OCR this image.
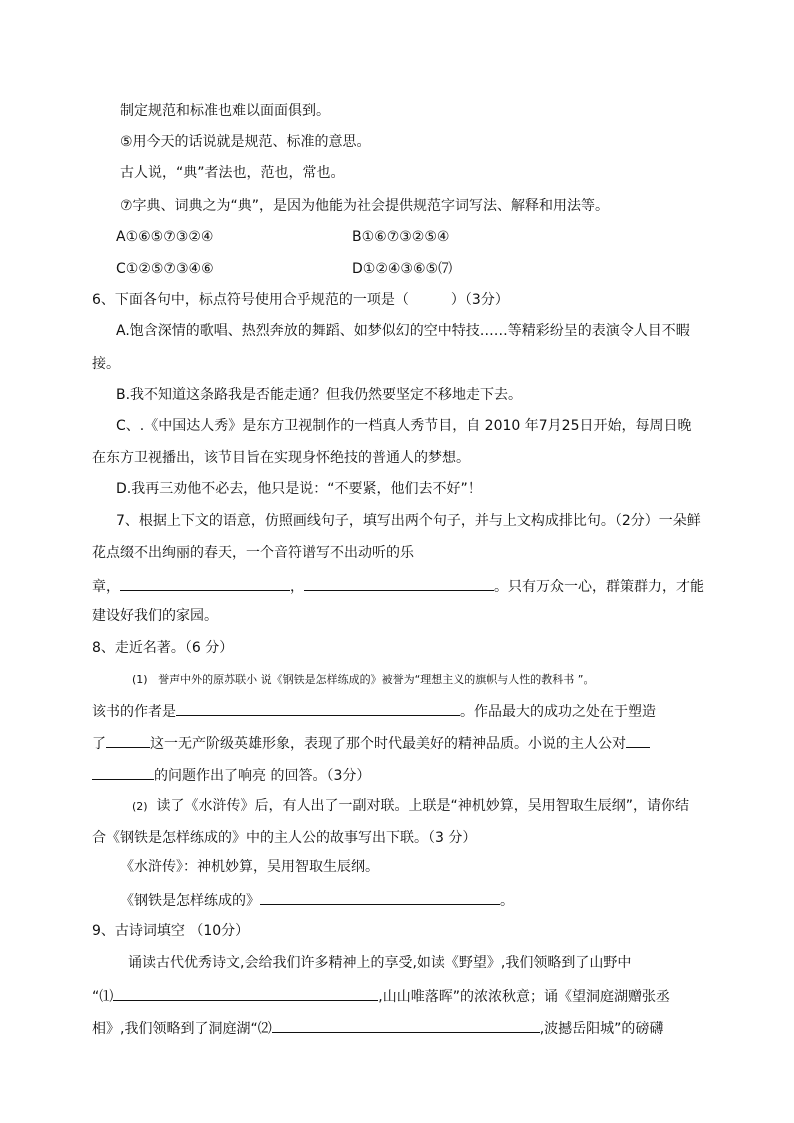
制定规范和标准也难以面面俱到。
⑤用今天的话说就是规范、标准的意思。
古人说，“典”者法也，范也，常也。
⑦字典、词典之为“典”，是因为他能为社会提供规范字词写法、解释和用法等。
A①⑥⑤⑦③②④	B①⑥⑦③②⑤④
C①②⑤⑦③④⑥	D①②④③⑥⑤⑺
6、下面各句中，标点符号使用合乎规范的一项是（　　　）（3分）
A.饱含深情的歌唱、热烈奔放的舞蹈、如梦似幻的空中特技……等精彩纷呈的表演令人目不暇
接。
B.我不知道这条路我是否能走通？但我仍然要坚定不移地走下去。
C、.《中国达人秀》是东方卫视制作的一档真人秀节目，自 2010 年7月25日开始，每周日晚
在东方卫视播出，该节目旨在实现身怀绝技的普通人的梦想。
D.我再三劝他不必去，他只是说：“不要紧，他们去不好”！
7、根据上下文的语意，仿照画线句子，填写出两个句子，并与上文构成排比句。（2分）一朵鲜
花点缀不出绚丽的春天，一个音符谱写不出动听的乐
章，	，	。只有万众一心，群策群力，才能
建设好我们的家园。
8、走近名著。（6 分）
(1) 誉声中外的原苏联小 说《钢铁是怎样练成的》被誉为“理想主义的旗帜与人性的教科书 ”。
该书的作者是	。作品最大的成功之处在于塑造
了	这一无产阶级英雄形象，表现了那个时代最美好的精神品质。小说的主人公对
的问题作出了响亮 的回答。（3分）
(2) 读了《水浒传》后，有人出了一副对联。上联是“神机妙算，吴用智取生辰纲”，请你结
合《钢铁是怎样练成的》中的主人公的故事写出下联。（3 分）
《水浒传》：神机妙算，吴用智取生辰纲。
《钢铁是怎样练成的》	。
9、古诗词填空 （10分）
诵读古代优秀诗文,会给我们许多精神上的享受,如读《野望》,我们领略到了山野中
“⑴	,山山唯落晖”的浓浓秋意；诵《望洞庭湖赠张丞
相》,我们领略到了洞庭湖“⑵	,波撼岳阳城”的磅礴
